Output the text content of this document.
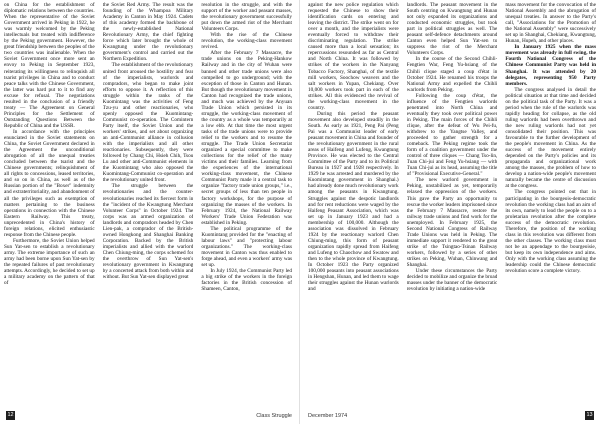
on China for the establishment of diplomatic relations between the countries. When the representative of the Soviet Government arrived in Peking in 1922, he was warmly welcomed by the Peking intellectuals but treated with indifference by the Peking government. However, the great friendship between the peoples of the two countries was inalienable. When the Soviet Government once more sent an envoy to Peking in September 1923, reiterating its willingness to relinquish all tsarist privileges in China and to conduct peace talks with the Chinese Government, the latter was hard put to it to find any excuse for refusal. The negotiations resulted in the conclusion of a friendly treaty — The Agreement on General Principles for the Settlement of Outstanding Questions Between the Republic of China and the USSR.

In accordance with the principles enunciated in the Soviet statements on China, the Soviet Government declared in the Agreement the unconditional abrogation of all the unequal treaties concluded between the tsarist and the Chinese governments; relinquishment of all rights to concessions, leased territories, and so on in China, as well as of the Russian portion of the "Boxer" indemnity and extraterritoriality, and abandonment of all the privileges such as exemption of matters pertaining to the business operations in connection with the Chinese Eastern Railway. This treaty, unprecedented in China's history of foreign relations, elicited enthusiastic response from the Chinese people.

Furthermore, the Soviet Union helped Sun Yat-sen to establish a revolutionary army. The extreme importance of such an army had been borne upon Sun Yat-sen by the repeated failures of past revolutionary attempts. Accordingly, he decided to set up a military academy on the pattern of that of

the Soviet Red Army. The result was the founding of the Whampoa Military Academy in Canton in May 1924. Cadets of this academy formed the backbone of the newly-established National Revolutionary Army, the chief fighting force which later brought the whole of Kwangtung under the revolutionary government's control and carried out the Northern Expedition.

The establishment of the revolutionary united front aroused the hostility and fear of the imperialists, warlords and compradors, who began to make joint efforts to oppose it. A reflection of this struggle within the ranks of the Kuomintang was the activities of Feng Tzu-yu and other reactionaries, who openly opposed the Kuomintang-Communist co-operation. The Comintern Party itself, the Soviet Union and the workers' strikes, and set about organizing an anti-Communist alliance in collusion with the imperialists and all other reactionaries. Subsequently, they were followed by Chang Chi, Hsieh Chih, Tsou Lu and other anti-Communist elements in the Kuomintang who also opposed the Kuomintang-Communist co-operation and the revolutionary united front.

The struggle between the revolutionaries and the counter-revolutionaries reached its fiercest form in the "incident of the Kwangtung Merchant Volunteer Corps" in October 1924. The corps was an armed organization of landlords and compradors headed by Chen Lien-pak, a comprador of the British-owned Hongkong and Shanghai Banking Corporation. Backed by the British imperialists and allied with the warlord Chen Chiung-ming, the corps schemed for the overthrow of Sun Yat-sen's revolutionary government in Kwangtung by a concerted attack from both within and without. But Sun Yat-sen displayed great

resolution in the struggle, and with the support of the worker and peasant masses, the revolutionary government successfully put down the armed riot of the Merchant Volunteers Corps.

With the rise of the Chinese revolution, the working-class movement revived.

After the February 7 Massacre, the trade unions on the Peking-Hankow Railway and in the city of Wuhan were banned and other trade unions were also compelled to go underground; with the exception of those in Canton and Hunan. But though the revolutionary movement in Canton had recognized the trade unions, and much was achieved by the Anyuan Trade Union which persisted in its struggle, the working-class movement of the country as a whole was temporarily at a low ebb. At that time the most urgent tasks of the trade unions were to provide relief to the workers and to resume the struggle. The Trade Union Secretariat organized a special committee to make collections for the relief of the many victims and their families. Learning from the experiences of the international working-class movement, the Chinese Communist Party made it a central task to organize "factory trade union groups," i.e., secret groups of less than ten people in factory workshops, for the purpose of organizing the masses of the workers. In February 1924, the National Railway Workers' Trade Union Federation was established in Peking.

The political programme of the Kuomintang provided for the "enacting of labour laws" and "protecting labour organizations." The working-class movement in Canton was thus enabled to forge ahead, and even a workers' army was set up.

In July 1924, the Communist Party led a big strike of the workers in the foreign factories in the British concession of Shameen, Canton,

12	Class Struggle

against the new police regulation which requested the Chinese to show their identification cards on entering and leaving the district. The strike went on for over a month, and the imperialists were eventually forced to withdraw their discriminating regulation. The strike caused more than a local sensation; its repercussions resounded as far as Central and North China. It was followed by strikes of the workers in the Nanyang Tobacco Factory, Shanghai, of the textile mill workers, Soochow weavers and the salt workers in Yupan, Chekiang. Over 10,000 workers took part in each of the strikes. All this evidenced the revival of the working-class movement in the country.

During this period the peasant movement also developed steadily in the South. As early as 1921, Peng Pai (Peng Pai was a Communist leader of early peasant movement in China and founder of the revolutionary government in the rural areas of Haifeng and Lufeng, Kwangtung Province. He was elected to the Central Committee of the Party and to its Political Bureau in 1927 and 1928 respectively. In 1929 he was arrested and murdered by the Kuomintang government in Shanghai.) had already done much revolutionary work among the peasants in Kwangtung. Struggles against the despotic landlords and for rent reductions were waged by the Haifeng Peasant Association, which was set up in January 1923 and had a membership of 100,000. Although the association was dissolved in February 1924 by the reactionary warlord Chen Chiung-ming, this form of peasant organization rapidly spread from Haifeng and Lufeng to Chaochow and Swatow and then to the whole province of Kwangtung. In October 1923 the Party organized 100,000 peasants into peasant associations in Hengshan, Hunan, and led them to wage their struggles against the Hunan warlords and

landlords. The peasant movement in the South centring on Kwangtung and Hunan not only expanded its organizations and conducted economic struggles, but took part in political struggles as well. The peasant self-defence detachments around Canton even helped Sun Yat-sen to suppress the riot of the Merchant Volunteers Corps.

In the course of the Second Chihli-Fengtien War, Feng Yu-hsiang of the Chihli clique staged a coup d'état in October 1924. He renamed his troops the National Army and expelled the Chihli warlords from Peking.

Following the coup d'état, the influence of the Fengtien warlords penetrated into North China and eventually they took over political power in Peking. The main forces of the Chihli clique, after the defeat of Wu Pei-fu, withdrew to the Yangtse Valley, and proceeded to gather strength for a comeback. The Peking regime took the form of a coalition government under the control of three cliques — Chang Tso-lin, Tuan Chi-jui and Feng Yu-hsiang — with Tuan Chi-jui as its head, assuming the title of "Provisional Executive-General."

The new warlord government in Peking, unstabilized as yet, temporarily relaxed the oppression of the workers. This gave the Party an opportunity to rescue the worker leaders imprisoned since the February 7 Massacre, restore the railway trade unions and find work for the unemployed. In February 1925, the Second National Congress of Railway Trade Unions was held in Peking. The immediate support it rendered to the great strike of the Tsingtao-Tsinan Railway workers, followed by a series of other strikes on Peking, Wuhan, Chinwang and Shanghai.

Under these circumstances the Party decided to mobilize and organize the broad masses under the banner of the democratic revolution by initiating a nation-wide

mass movement for the convocation of the National Assembly and the abrogation of unequal treaties. In answer to the Party's call, "Associations for the Promotion of the National Assembly" were successively set up in Shanghai, Chekiang, Kwangtung, Hunan, Hupeh, and other places.

In January 1925 when the mass movement was already in full swing, the Fourth National Congress of the Chinese Communist Party was held in Shanghai. It was attended by 20 delegates, representing 950 Party members.

The congress analysed in detail the political situation at that time and decided on the political task of the Party. It was a period when the rule of the warlords was rapidly heading for collapse, as the old ruling warlords had been overthrown and the new ruling warlords had not yet consolidated their position. This was favourable to the further development of the people's movement in China. As the success of the movement entirely depended on the Party's policies and its propaganda and organizational work among the masses, the problem of how to develop a nation-wide people's movement naturally became the centre of discussion at the congress.

The congress pointed out that in participating in the bourgeois-democratic revolution the working class had an aim of its own, namely to lead the people on to a proletarian revolution after the complete success of the democratic revolution. Therefore, the position of the working class in this revolution was different from the other classes. The working class must not be an appendage to the bourgeoisie, but keep its own independence and aims. Only with the working class assuming the leadership could the Chinese democratic revolution score a complete victory.

December 1974	13
